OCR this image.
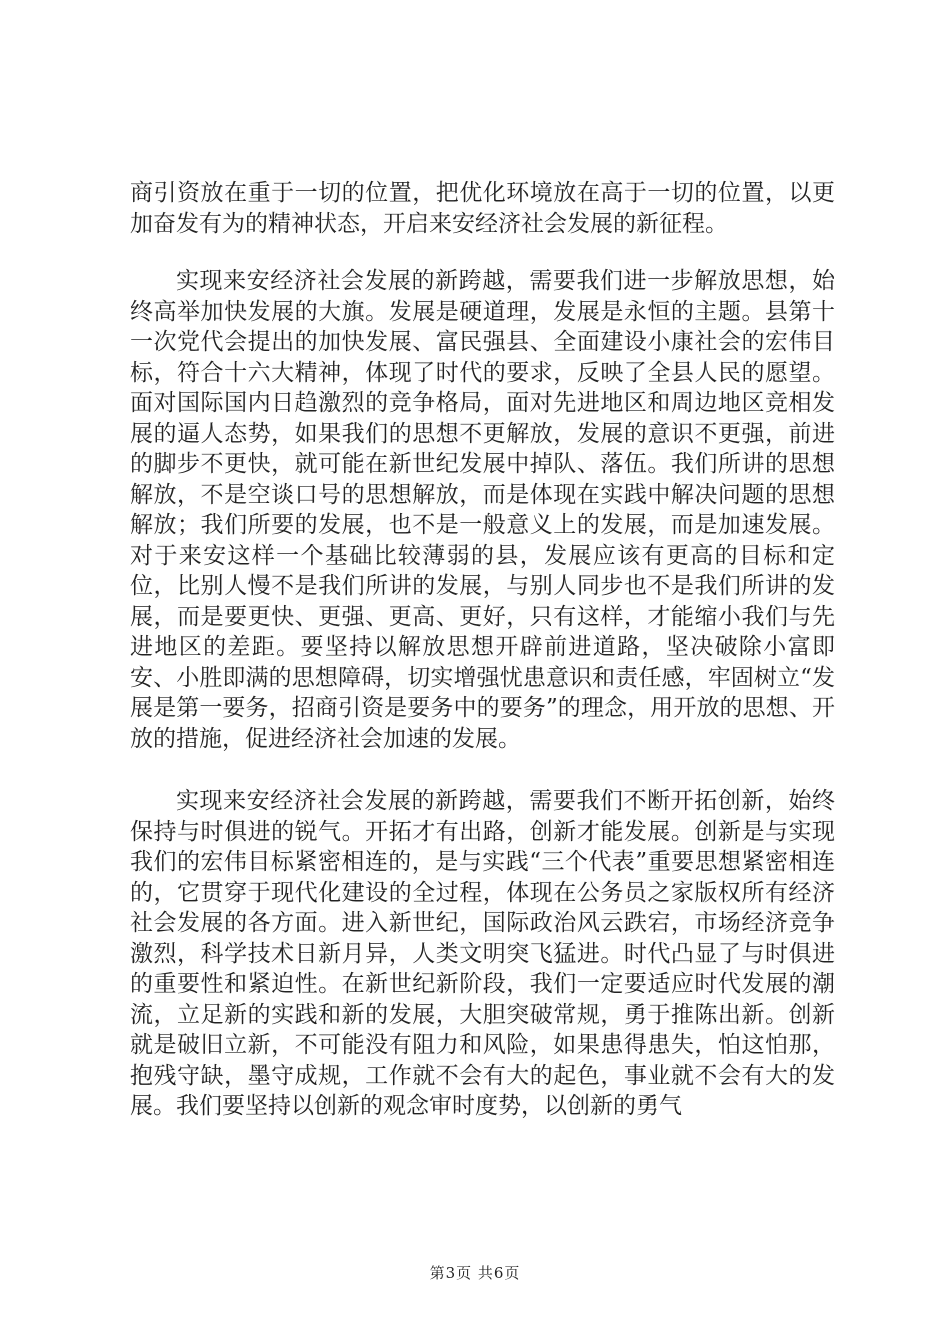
商引资放在重于一切的位置，把优化环境放在高于一切的位置，以更加奋发有为的精神状态，开启来安经济社会发展的新征程。

实现来安经济社会发展的新跨越，需要我们进一步解放思想，始终高举加快发展的大旗。发展是硬道理，发展是永恒的主题。县第十一次党代会提出的加快发展、富民强县、全面建设小康社会的宏伟目标，符合十六大精神，体现了时代的要求，反映了全县人民的愿望。面对国际国内日趋激烈的竞争格局，面对先进地区和周边地区竞相发展的逼人态势，如果我们的思想不更解放，发展的意识不更强，前进的脚步不更快，就可能在新世纪发展中掉队、落伍。我们所讲的思想解放，不是空谈口号的思想解放，而是体现在实践中解决问题的思想解放；我们所要的发展，也不是一般意义上的发展，而是加速发展。对于来安这样一个基础比较薄弱的县，发展应该有更高的目标和定位，比别人慢不是我们所讲的发展，与别人同步也不是我们所讲的发展，而是要更快、更强、更高、更好，只有这样，才能缩小我们与先进地区的差距。要坚持以解放思想开辟前进道路，坚决破除小富即安、小胜即满的思想障碍，切实增强忧患意识和责任感，牢固树立“发展是第一要务，招商引资是要务中的要务”的理念，用开放的思想、开放的措施，促进经济社会加速的发展。

实现来安经济社会发展的新跨越，需要我们不断开拓创新，始终保持与时俱进的锐气。开拓才有出路，创新才能发展。创新是与实现我们的宏伟目标紧密相连的，是与实践“三个代表”重要思想紧密相连的，它贯穿于现代化建设的全过程，体现在公务员之家版权所有经济社会发展的各方面。进入新世纪，国际政治风云跌宕，市场经济竞争激烈，科学技术日新月异，人类文明突飞猛进。时代凸显了与时俱进的重要性和紧迫性。在新世纪新阶段，我们一定要适应时代发展的潮流，立足新的实践和新的发展，大胆突破常规，勇于推陈出新。创新就是破旧立新，不可能没有阻力和风险，如果患得患失，怕这怕那，抱残守缺，墨守成规，工作就不会有大的起色，事业就不会有大的发展。我们要坚持以创新的观念审时度势，以创新的勇气

第3页 共6页
